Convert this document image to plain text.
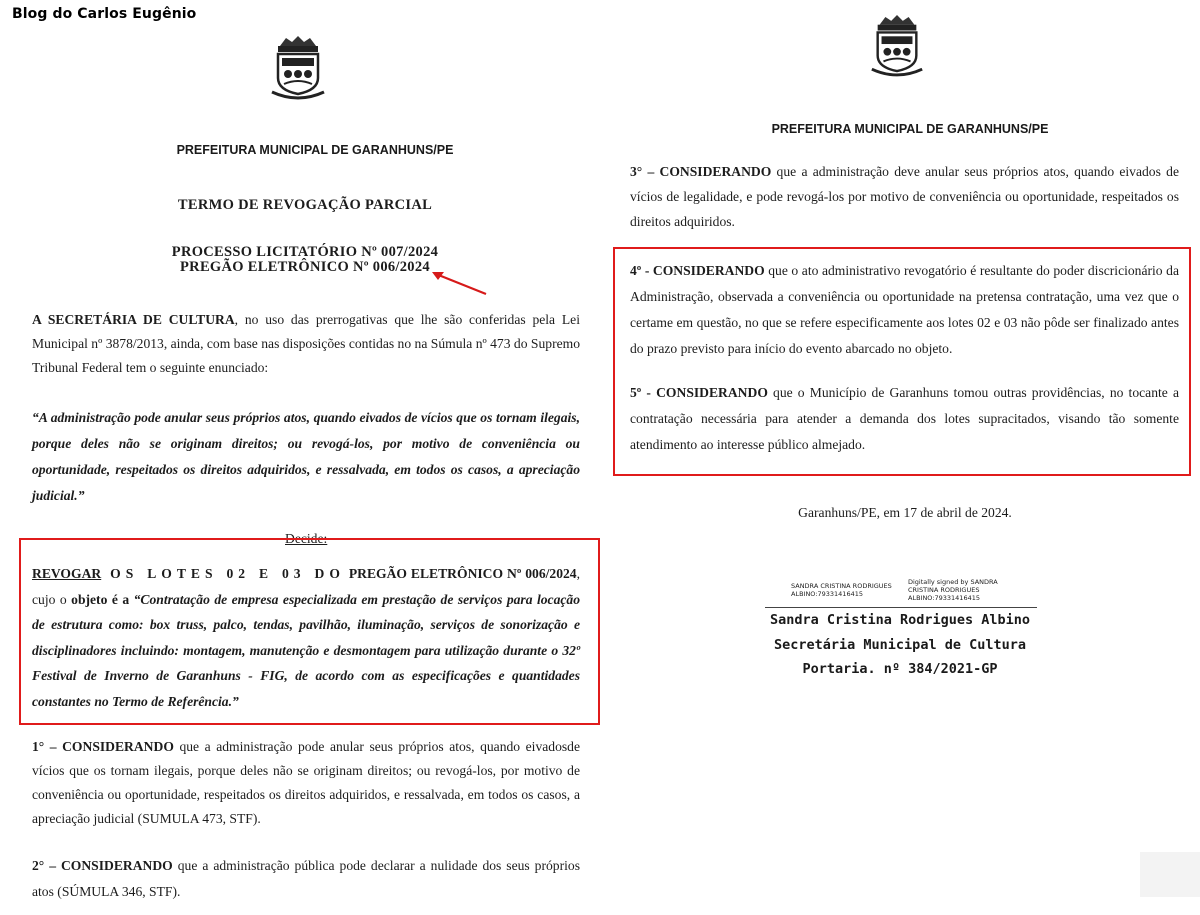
Blog do Carlos Eugênio
PREFEITURA MUNICIPAL DE GARANHUNS/PE
TERMO DE REVOGAÇÃO PARCIAL
PROCESSO LICITATÓRIO Nº 007/2024
PREGÃO ELETRÔNICO Nº 006/2024

A SECRETÁRIA DE CULTURA, no uso das prerrogativas que lhe são conferidas pela Lei Municipal nº 3878/2013, ainda, com base nas disposições contidas no na Súmula nº 473 do Supremo Tribunal Federal tem o seguinte enunciado:

“A administração pode anular seus próprios atos, quando eivados de vícios que os tornam ilegais, porque deles não se originam direitos; ou revogá-los, por motivo de conveniência ou oportunidade, respeitados os direitos adquiridos, e ressalvada, em todos os casos, a apreciação judicial.”

Decide:

REVOGAR OS LOTES 02 E 03 DO PREGÃO ELETRÔNICO Nº 006/2024, cujo o objeto é a “Contratação de empresa especializada em prestação de serviços para locação de estrutura como: box truss, palco, tendas, pavilhão, iluminação, serviços de sonorização e disciplinadores incluindo: montagem, manutenção e desmontagem para utilização durante o 32º Festival de Inverno de Garanhuns - FIG, de acordo com as especificações e quantidades constantes no Termo de Referência.”

1° – CONSIDERANDO que a administração pode anular seus próprios atos, quando eivadosde vícios que os tornam ilegais, porque deles não se originam direitos; ou revogá-los, por motivo de conveniência ou oportunidade, respeitados os direitos adquiridos, e ressalvada, em todos os casos, a apreciação judicial (SUMULA 473, STF).

2° – CONSIDERANDO que a administração pública pode declarar a nulidade dos seus próprios atos (SÚMULA 346, STF).

PREFEITURA MUNICIPAL DE GARANHUNS/PE

3° – CONSIDERANDO que a administração deve anular seus próprios atos, quando eivados de vícios de legalidade, e pode revogá-los por motivo de conveniência ou oportunidade, respeitados os direitos adquiridos.

4º - CONSIDERANDO que o ato administrativo revogatório é resultante do poder discricionário da Administração, observada a conveniência ou oportunidade na pretensa contratação, uma vez que o certame em questão, no que se refere especificamente aos lotes 02 e 03 não pôde ser finalizado antes do prazo previsto para início do evento abarcado no objeto.

5º - CONSIDERANDO que o Município de Garanhuns tomou outras providências, no tocante a contratação necessária para atender a demanda dos lotes supracitados, visando tão somente atendimento ao interesse público almejado.

Garanhuns/PE, em 17 de abril de 2024.
SANDRA CRISTINA RODRIGUES ALBINO:79331416415
Digitally signed by SANDRA CRISTINA RODRIGUES ALBINO:79331416415
Sandra Cristina Rodrigues Albino
Secretária Municipal de Cultura
Portaria. nº 384/2021-GP
